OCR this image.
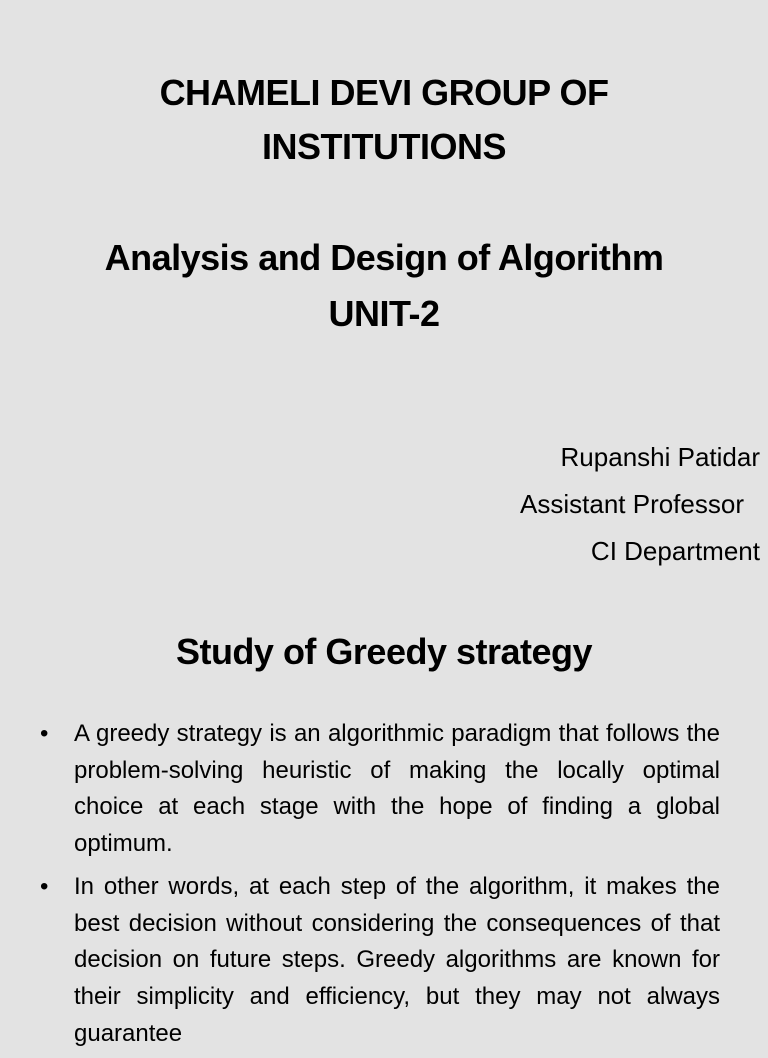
CHAMELI DEVI GROUP OF
INSTITUTIONS
Analysis and Design of Algorithm
UNIT-2
Rupanshi Patidar
Assistant Professor
CI Department
Study of Greedy strategy
• A greedy strategy is an algorithmic paradigm that follows the problem-solving heuristic of making the locally optimal choice at each stage with the hope of finding a global optimum.
• In other words, at each step of the algorithm, it makes the best decision without considering the consequences of that decision on future steps. Greedy algorithms are known for their simplicity and efficiency, but they may not always guarantee
